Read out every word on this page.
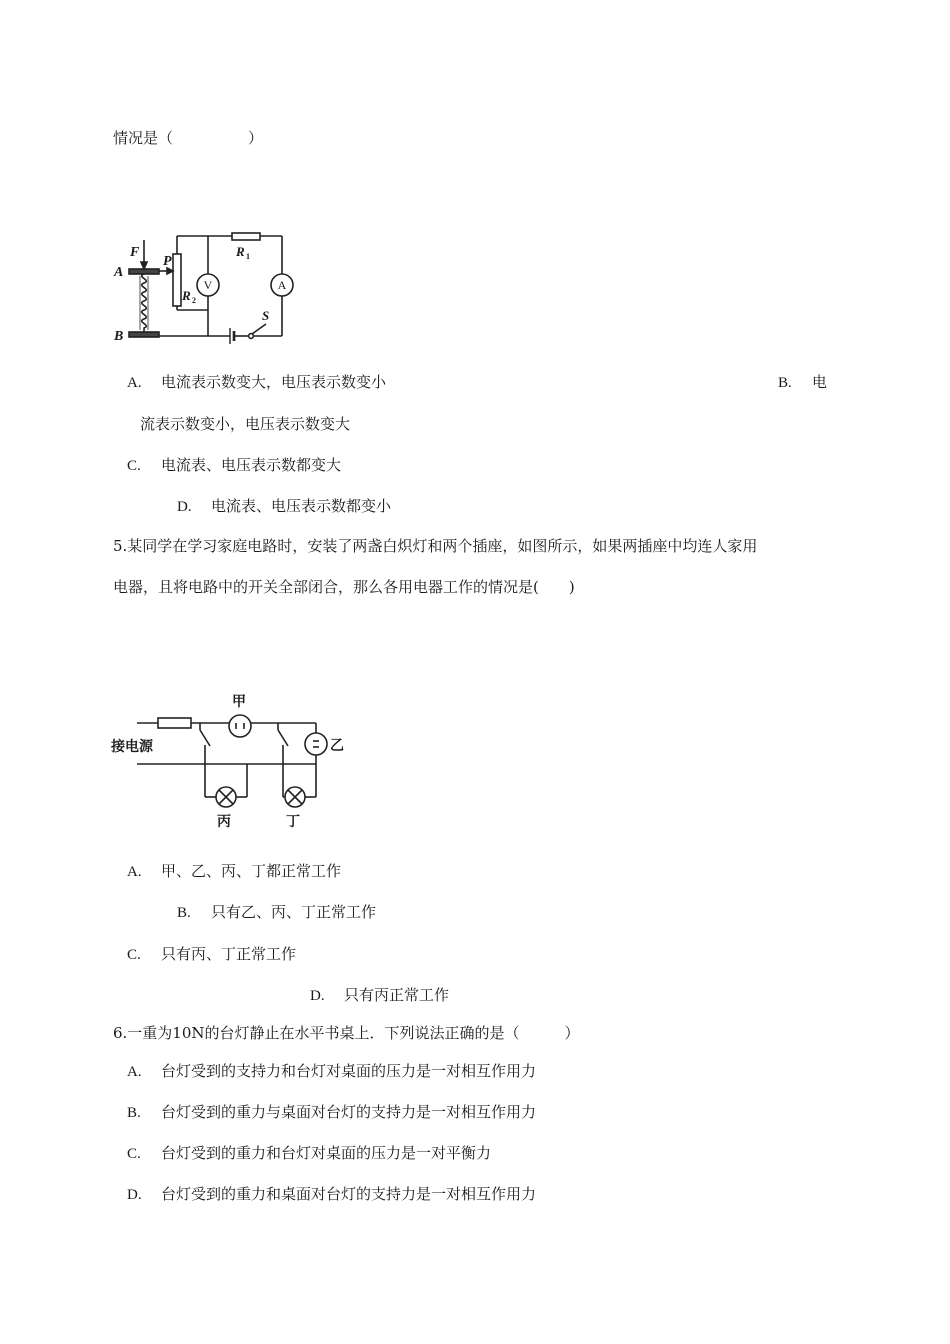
情况是（　　　　　）
F
A
B
P
R 1
R 2
S
V	A
A. 电流表示数变大，电压表示数变小	B. 电
流表示数变小，电压表示数变大
C. 电流表、电压表示数都变大
D. 电流表、电压表示数都变小
5.某同学在学习家庭电路时，安装了两盏白炽灯和两个插座，如图所示，如果两插座中均连人家用
电器，且将电路中的开关全部闭合，那么各用电器工作的情况是(　　)
接电源
甲
乙
丙	丁
A. 甲、乙、丙、丁都正常工作
B. 只有乙、丙、丁正常工作
C. 只有丙、丁正常工作
D. 只有丙正常工作
6.一重为10N的台灯静止在水平书桌上．下列说法正确的是（　　　）
A. 台灯受到的支持力和台灯对桌面的压力是一对相互作用力
B. 台灯受到的重力与桌面对台灯的支持力是一对相互作用力
C. 台灯受到的重力和台灯对桌面的压力是一对平衡力
D. 台灯受到的重力和桌面对台灯的支持力是一对相互作用力
